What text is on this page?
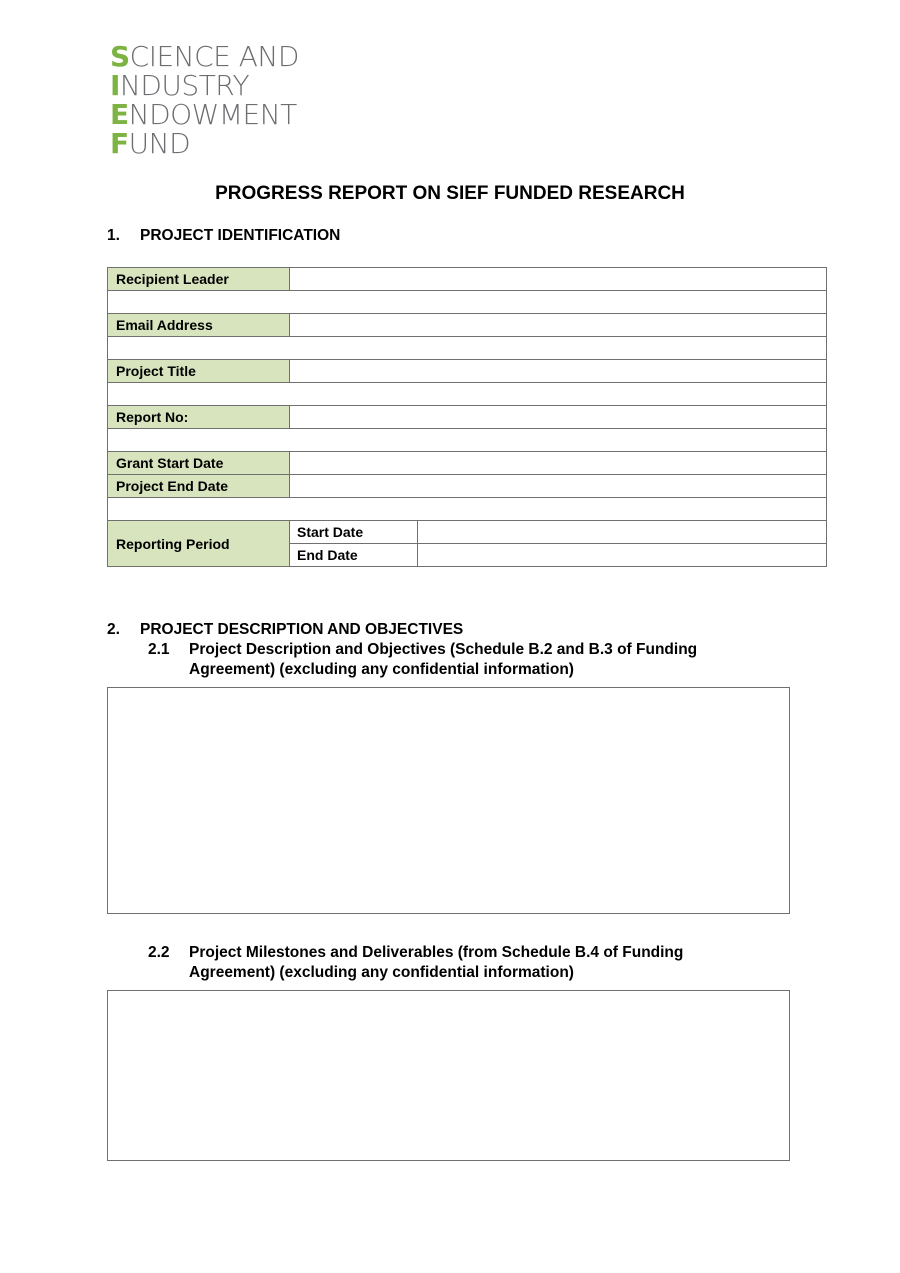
SCIENCE AND
INDUSTRY
ENDOWMENT
FUND
PROGRESS REPORT ON SIEF FUNDED RESEARCH
1. PROJECT IDENTIFICATION
Recipient Leader		

Email Address		

Project Title		

Report No:		

Grant Start Date		
Project End Date		

Reporting Period	Start Date	
	End Date	
2. PROJECT DESCRIPTION AND OBJECTIVES
2.1 Project Description and Objectives (Schedule B.2 and B.3 of Funding Agreement) (excluding any confidential information)
2.2 Project Milestones and Deliverables (from Schedule B.4 of Funding Agreement) (excluding any confidential information)
